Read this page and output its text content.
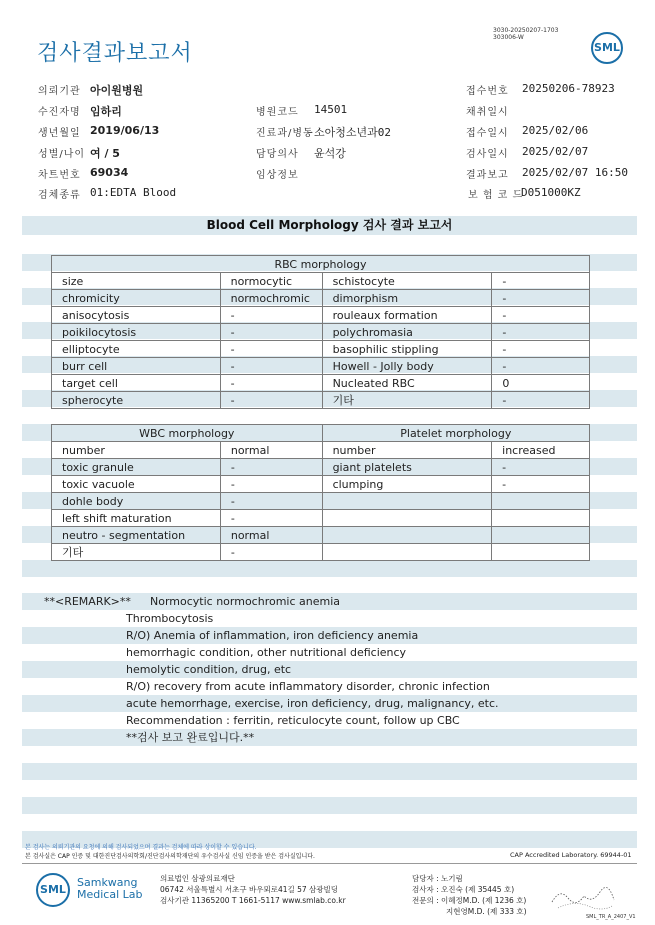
검사결과보고서
3030-20250207-1703
303006-W
SML
의뢰기관 아이원병원	접수번호 20250206-78923
수진자명 임하리	병원코드 14501	채취일시
생년월일 2019/06/13	진료과/병동 소아청소년과02	접수일시 2025/02/06
성별/나이 여 / 5	담당의사 윤석강	검사일시 2025/02/07
차트번호 69034	임상정보	결과보고 2025/02/07 16:50
검체종류 01:EDTA Blood	보 험 코 드
D051000KZ
Blood Cell Morphology 검사 결과 보고서
RBC morphology			
size	normocytic	schistocyte	-
chromicity	normochromic	dimorphism	-
anisocytosis	-	rouleaux formation	-
poikilocytosis	-	polychromasia	-
elliptocyte	-	basophilic stippling	-
burr cell	-	Howell - Jolly body	-
target cell	-	Nucleated RBC	0
spherocyte	-	기타	-
WBC morphology		Platelet morphology	
number	normal	number	increased
toxic granule	-	giant platelets	-
toxic vacuole	-	clumping	-
dohle body	-		
left shift maturation	-		
neutro - segmentation	normal		
기타	-		
**<REMARK>** Normocytic normochromic anemia
Thrombocytosis
R/O) Anemia of inflammation, iron deficiency anemia
hemorrhagic condition, other nutritional deficiency
hemolytic condition, drug, etc
R/O) recovery from acute inflammatory disorder, chronic infection
acute hemorrhage, exercise, iron deficiency, drug, malignancy, etc.
Recommendation : ferritin, reticulocyte count, follow up CBC
**검사 보고 완료입니다.**
본 검사는 의뢰기관의 요청에 의해 검사되었으며 결과는 검체에 따라 상이할 수 있습니다.
본 검사실은 CAP 인증 및 대한진단검사의학회/진단검사의학재단의 우수검사실 신임 인증을 받은 검사실입니다.	CAP Accredited Laboratory. 69944-01
SML
Samkwang
Medical Lab
의료법인 삼광의료재단
06742 서울특별시 서초구 바우뫼로41길 57 삼광빌딩
검사기관 11365200 T 1661-5117 www.smlab.co.kr
담당자 : 노기림
검사자 : 오진숙 (제 35445 호)
전문의 : 이혜정M.D. (제 1236 호)
지현영M.D. (제 333 호)
SML_TR_A_2407_V1
